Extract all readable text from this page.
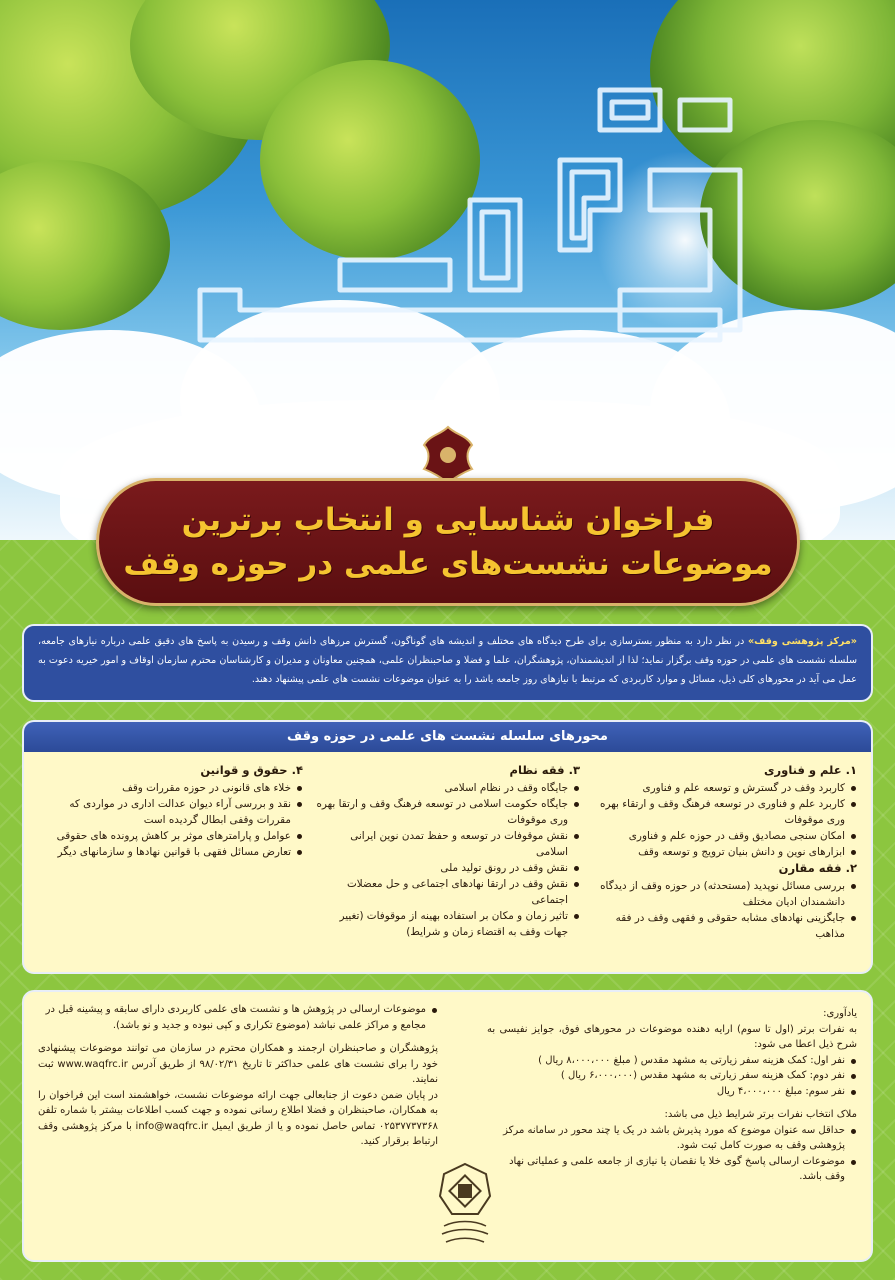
وقف
فراخوان شناسایی و انتخاب برترین
موضوعات نشست‌های علمی در حوزه وقف
«مرکز پژوهشی وقف» در نظر دارد به منظور بسترسازی برای طرح دیدگاه های مختلف و اندیشه های گوناگون، گسترش مرزهای دانش وقف و رسیدن به پاسخ های دقیق علمی درباره نیازهای جامعه، سلسله نشست های علمی در حوزه وقف برگزار نماید؛ لذا از اندیشمندان، پژوهشگران، علما و فضلا و صاحبنظران علمی، همچنین معاونان و مدیران و کارشناسان محترم سازمان اوقاف و امور خیریه دعوت به عمل می آید در محورهای کلی ذیل، مسائل و موارد کاربردی که مرتبط با نیازهای روز جامعه باشد را به عنوان موضوعات نشست های علمی پیشنهاد دهند.
محورهای سلسله نشست های علمی در حوزه وقف
۱. علم و فناوری
کاربرد وقف در گسترش و توسعه علم و فناوری
کاربرد علم و فناوری در توسعه فرهنگ وقف و ارتقاء بهره وری موقوفات
امکان سنجی مصادیق وقف در حوزه علم و فناوری
ابزارهای نوین و دانش بنیان ترویج و توسعه وقف
۲. فقه مقارن
بررسی مسائل نوپدید (مستحدثه) در حوزه وقف از دیدگاه دانشمندان ادیان مختلف
جایگزینی نهادهای مشابه حقوقی و فقهی وقف در فقه مذاهب
۳. فقه نظام
جایگاه وقف در نظام اسلامی
جایگاه حکومت اسلامی در توسعه فرهنگ وقف و ارتقا بهره وری موقوفات
نقش موقوفات در توسعه و حفظ تمدن نوین ایرانی اسلامی
نقش وقف در رونق تولید ملی
نقش وقف در ارتقا نهادهای اجتماعی و حل معضلات اجتماعی
تاثیر زمان و مکان بر استفاده بهینه از موقوفات (تغییر جهات وقف به اقتضاء زمان و شرایط)
۴. حقوق و قوانین
خلاء های قانونی در حوزه مقررات وقف
نقد و بررسی آراء دیوان عدالت اداری در مواردی که مقررات وقفی ابطال گردیده است
عوامل و پارامترهای موثر بر کاهش پرونده های حقوقی
تعارض مسائل فقهی با قوانین نهادها و سازمانهای دیگر

یادآوری:

به نفرات برتر (اول تا سوم) ارایه دهنده موضوعات در محورهای فوق، جوایز نفیسی به شرح ذیل اعطا می شود:

نفر اول: کمک هزینه سفر زیارتی به مشهد مقدس ( مبلغ ۸،۰۰۰،۰۰۰ ریال )
نفر دوم: کمک هزینه سفر زیارتی به مشهد مقدس (۶،۰۰۰،۰۰۰ ریال )
نفر سوم: مبلغ ۴،۰۰۰،۰۰۰ ریال

ملاک انتخاب نفرات برتر شرایط ذیل می باشد:

حداقل سه عنوان موضوع که مورد پذیرش باشد در یک یا چند محور در سامانه مرکز پژوهشی وقف به صورت کامل ثبت شود.
موضوعات ارسالی پاسخ گوی خلا یا نقصان یا نیازی از جامعه علمی و عملیاتی نهاد وقف باشد.
موضوعات ارسالی در پژوهش ها و نشست های علمی کاربردی دارای سابقه و پیشینه قبل در مجامع و مراکز علمی نباشد (موضوع تکراری و کپی نبوده و جدید و نو باشد).

پژوهشگران و صاحبنظران ارجمند و همکاران محترم در سازمان می توانند موضوعات پیشنهادی خود را برای نشست های علمی حداکثر تا تاریخ ۹۸/۰۲/۳۱ از طریق آدرس www.waqfrc.ir ثبت نمایند.

در پایان ضمن دعوت از جنابعالی جهت ارائه موضوعات نشست، خواهشمند است این فراخوان را به همکاران، صاحبنظران و فضلا اطلاع رسانی نموده و جهت کسب اطلاعات بیشتر با شماره تلفن ۰۲۵۳۷۷۳۷۳۶۸ تماس حاصل نموده و یا از طریق ایمیل info@waqfrc.ir با مرکز پژوهشی وقف ارتباط برقرار کنید.
